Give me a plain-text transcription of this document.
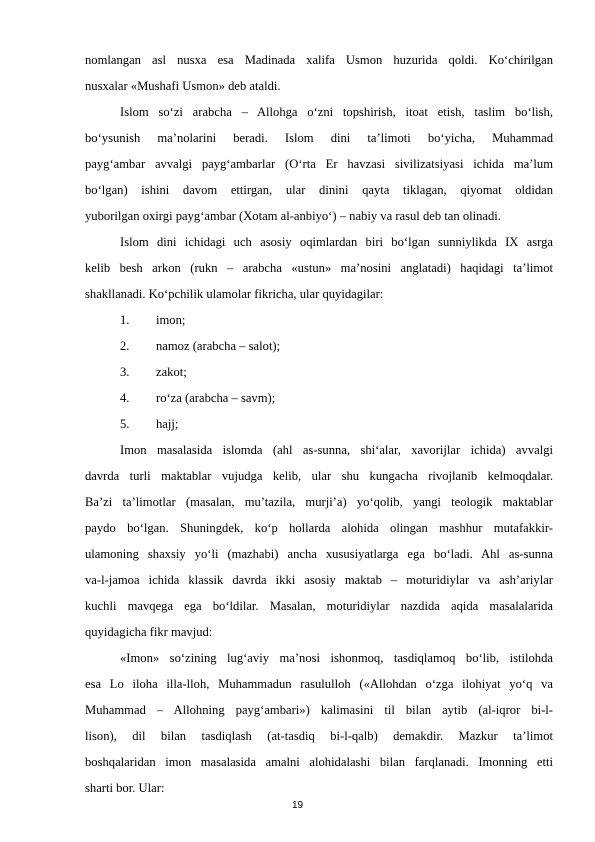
nomlangan asl nusxa esa Madinada xalifa Usmon huzurida qoldi. Ko‘chirilgan
nusxalar «Mushafi Usmon» deb ataldi.
Islom so‘zi arabcha – Allohga o‘zni topshirish, itoat etish, taslim bo‘lish,
bo‘ysunish ma’nolarini beradi. Islom dini ta’limoti bo‘yicha, Muhammad
payg‘ambar avvalgi payg‘ambarlar (O‘rta Er havzasi sivilizatsiyasi ichida ma’lum
bo‘lgan) ishini davom ettirgan, ular dinini qayta tiklagan, qiyomat oldidan
yuborilgan oxirgi payg‘ambar (Xotam al-anbiyo‘) – nabiy va rasul deb tan olinadi.
Islom dini ichidagi uch asosiy oqimlardan biri bo‘lgan sunniylikda IX asrga
kelib besh arkon (rukn – arabcha «ustun» ma’nosini anglatadi) haqidagi ta’limot
shakllanadi. Ko‘pchilik ulamolar fikricha, ular quyidagilar:
1. imon;
2. namoz (arabcha – salot);
3. zakot;
4. ro‘za (arabcha – savm);
5. hajj;
Imon masalasida islomda (ahl as-sunna, shi‘alar, xavorijlar ichida) avvalgi
davrda turli maktablar vujudga kelib, ular shu kungacha rivojlanib kelmoqdalar.
Ba’zi ta’limotlar (masalan, mu’tazila, murji’a) yo‘qolib, yangi teologik maktablar
paydo bo‘lgan. Shuningdek, ko‘p hollarda alohida olingan mashhur mutafakkir-
ulamoning shaxsiy yo‘li (mazhabi) ancha xususiyatlarga ega bo‘ladi. Ahl as-sunna
va-l-jamoa ichida klassik davrda ikki asosiy maktab – moturidiylar va ash’ariylar
kuchli mavqega ega bo‘ldilar. Masalan, moturidiylar nazdida aqida masalalarida
quyidagicha fikr mavjud:
«Imon» so‘zining lug‘aviy ma’nosi ishonmoq, tasdiqlamoq bo‘lib, istilohda
esa Lo iloha illa-lloh, Muhammadun rasululloh («Allohdan o‘zga ilohiyat yo‘q va
Muhammad – Allohning payg‘ambari») kalimasini til bilan aytib (al-iqror bi-l-
lison), dil bilan tasdiqlash (at-tasdiq bi-l-qalb) demakdir. Mazkur ta’limot
boshqalaridan imon masalasida amalni alohidalashi bilan farqlanadi. Imonning etti
sharti bor. Ular:
19
